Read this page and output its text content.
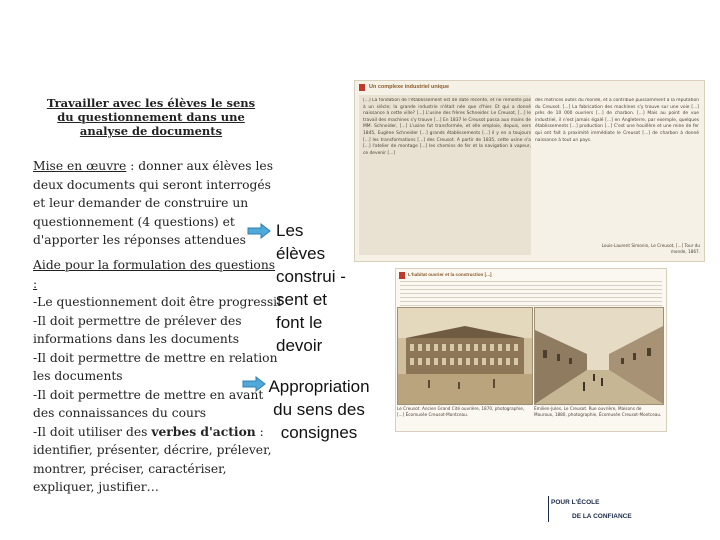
Travailler avec les élèves le sens du questionnement dans une analyse de documents

Mise en œuvre : donner aux élèves les deux documents qui seront interrogés et leur demander de construire un questionnement (4 questions) et d'apporter les réponses attendues

Aide pour la formulation des questions :

-Le questionnement doit être progressif

-Il doit permettre de prélever des informations dans les documents

-Il doit permettre de mettre en relation les documents

-Il doit permettre de mettre en avant des connaissances du cours

-Il doit utiliser des verbes d'action : identifier, présenter, décrire, prélever, montrer, préciser, caractériser, expliquer, justifier…

Les élèves construi -sent et font le devoir
Appropriation du sens des consignes
Un complexe industriel unique
[...] La fondation de l'établissement est de date récente, et ne remonte pas à un siècle; la grande industrie n'était née que d'hier. Et qui a donné naissance à cette ville? [...] L'usine des frères Schneider. Le Creusot, [...] le travail des machines s'y trouve [...] En 1837 le Creusot passa aux mains de MM. Schneider, [...] L'usine fut transformée, et elle emploie, depuis, vers 1845, Eugène Schneider [...] grands établissements [...] il y en a toujours [...] les transformations [...] des Creusot. A partir de 1835, cette usine n'a [...] l'atelier de montage [...] les chemins de fer et la navigation à vapeur, ce devenir [...]
des motrices outils du monde, et a contribué puissamment à la réputation du Creusot. [...] La fabrication des machines s'y trouve sur une voie [...] près de 10 000 ouvriers [...] de charbon. [...] Mais au point de vue industriel, il n'est jamais égalé [...] en Angleterre, par exemple, quelques établissements [...] production [...] C'est une houillère et une mine de fer qui ont fait à proximité immédiate le Creusot [...] de charbon à donné naissance à tout un pays.
Louis-Laurent Simonin, Le Creusot, [...] Tour du monde, 1867.
L'habitat ouvrier et la construction [...]
Le Creusot. Ancien Grand Cité ouvrière, 1870, photographie, [...] Écomusée Creusot-Montceau.
Émilien-Jules, Le Creusot. Rue ouvrière, Maisons de Mouroux, 1880, photographie, Écomusée Creusot-Montceau.
POUR L'ÉCOLE
DE LA CONFIANCE
